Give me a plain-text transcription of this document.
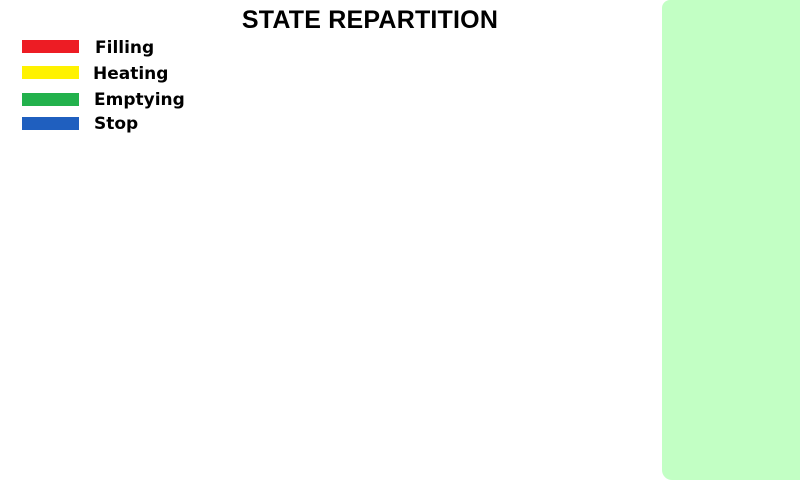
STATE REPARTITION
Filling
Heating
Emptying
Stop
